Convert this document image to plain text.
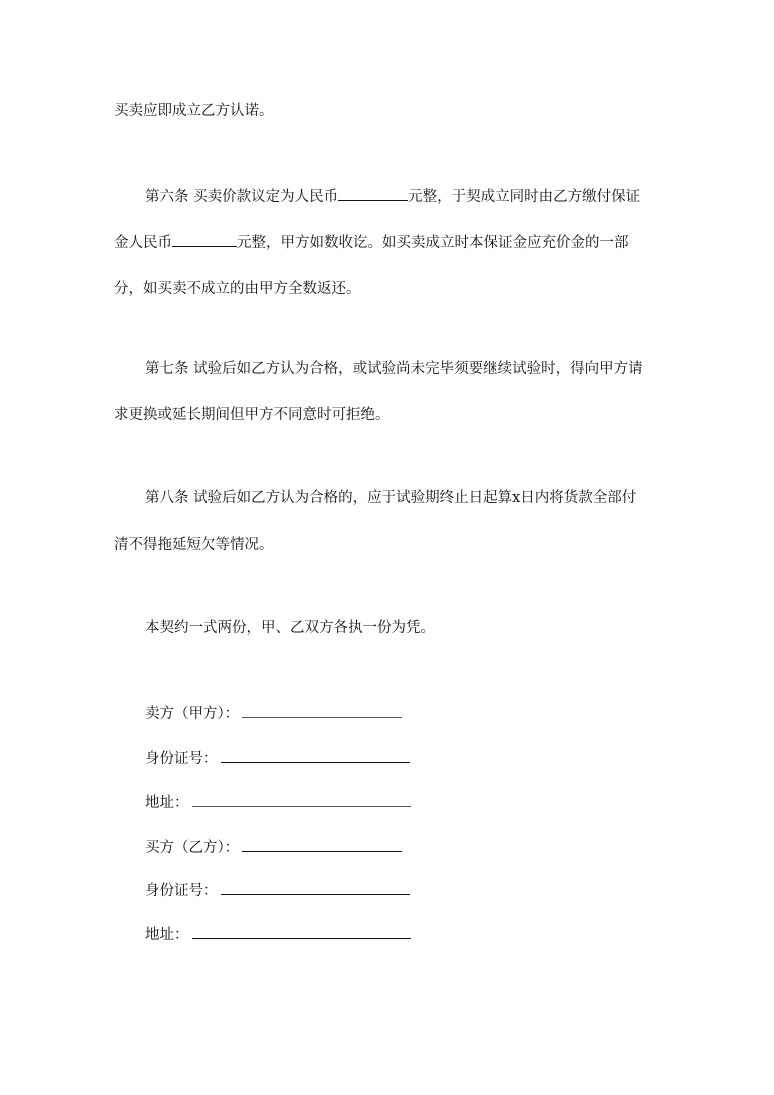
买卖应即成立乙方认诺。
第六条 买卖价款议定为人民币	元整，于契成立同时由乙方缴付保证
金人民币	元整，甲方如数收讫。如买卖成立时本保证金应充价金的一部
分，如买卖不成立的由甲方全数返还。
第七条 试验后如乙方认为合格，或试验尚未完毕须要继续试验时，得向甲方请
求更换或延长期间但甲方不同意时可拒绝。
第八条 试验后如乙方认为合格的，应于试验期终止日起算x日内将货款全部付
清不得拖延短欠等情况。
本契约一式两份，甲、乙双方各执一份为凭。
卖方（甲方）：
身份证号：
地址：
买方（乙方）：
身份证号：
地址：
